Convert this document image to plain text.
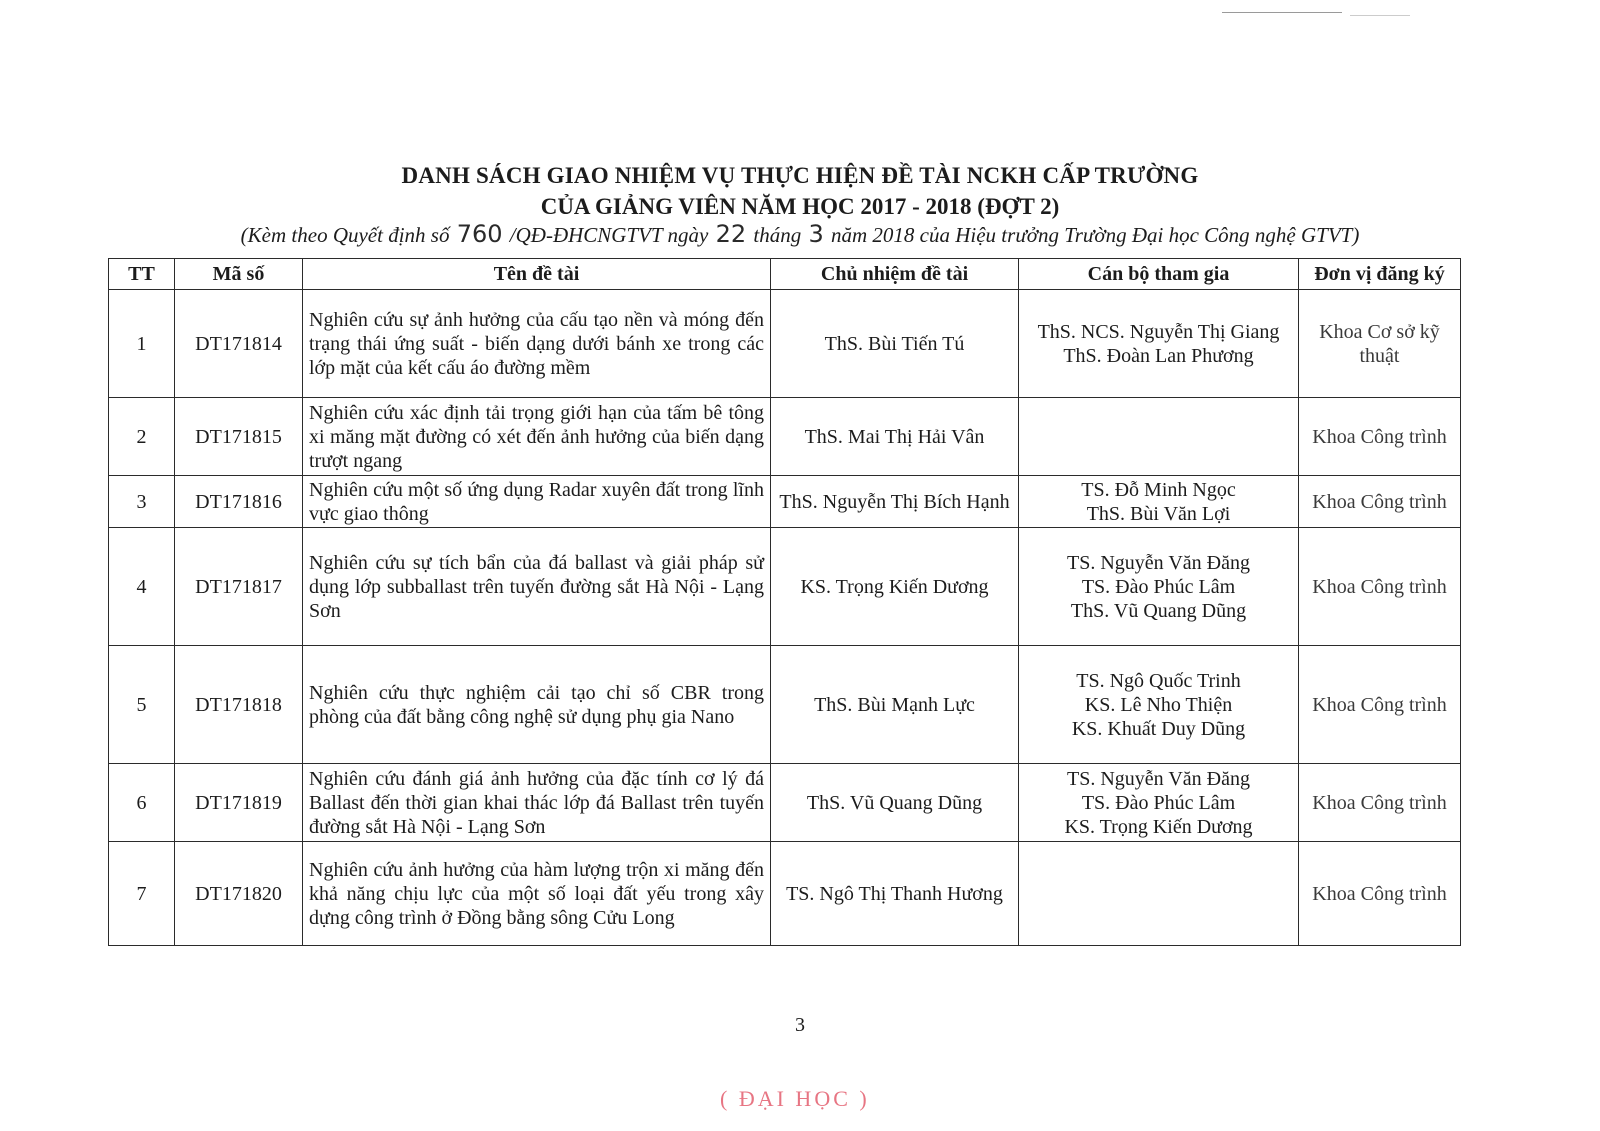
DANH SÁCH GIAO NHIỆM VỤ THỰC HIỆN ĐỀ TÀI NCKH CẤP TRƯỜNG
CỦA GIẢNG VIÊN NĂM HỌC 2017 - 2018 (ĐỢT 2)
(Kèm theo Quyết định số 760 /QĐ-ĐHCNGTVT ngày 22 tháng 3 năm 2018 của Hiệu trưởng Trường Đại học Công nghệ GTVT)
TT	Mã số	Tên đề tài	Chủ nhiệm đề tài	Cán bộ tham gia	Đơn vị đăng ký
1	DT171814	Nghiên cứu sự ảnh hưởng của cấu tạo nền và móng đến trạng thái ứng suất - biến dạng dưới bánh xe trong các lớp mặt của kết cấu áo đường mềm	ThS. Bùi Tiến Tú	ThS. NCS. Nguyễn Thị Giang
ThS. Đoàn Lan Phương	Khoa Cơ sở kỹ thuật
2	DT171815	Nghiên cứu xác định tải trọng giới hạn của tấm bê tông xi măng mặt đường có xét đến ảnh hưởng của biến dạng trượt ngang	ThS. Mai Thị Hải Vân		Khoa Công trình
3	DT171816	Nghiên cứu một số ứng dụng Radar xuyên đất trong lĩnh vực giao thông	ThS. Nguyễn Thị Bích Hạnh	TS. Đỗ Minh Ngọc
ThS. Bùi Văn Lợi	Khoa Công trình
4	DT171817	Nghiên cứu sự tích bẩn của đá ballast và giải pháp sử dụng lớp subballast trên tuyến đường sắt Hà Nội - Lạng Sơn	KS. Trọng Kiến Dương	TS. Nguyễn Văn Đăng
TS. Đào Phúc Lâm
ThS. Vũ Quang Dũng	Khoa Công trình
5	DT171818	Nghiên cứu thực nghiệm cải tạo chỉ số CBR trong phòng của đất bằng công nghệ sử dụng phụ gia Nano	ThS. Bùi Mạnh Lực	TS. Ngô Quốc Trinh
KS. Lê Nho Thiện
KS. Khuất Duy Dũng	Khoa Công trình
6	DT171819	Nghiên cứu đánh giá ảnh hưởng của đặc tính cơ lý đá Ballast đến thời gian khai thác lớp đá Ballast trên tuyến đường sắt Hà Nội - Lạng Sơn	ThS. Vũ Quang Dũng	TS. Nguyễn Văn Đăng
TS. Đào Phúc Lâm
KS. Trọng Kiến Dương	Khoa Công trình
7	DT171820	Nghiên cứu ảnh hưởng của hàm lượng trộn xi măng đến khả năng chịu lực của một số loại đất yếu trong xây dựng công trình ở Đồng bằng sông Cửu Long	TS. Ngô Thị Thanh Hương		Khoa Công trình
3
( ĐẠI HỌC )
